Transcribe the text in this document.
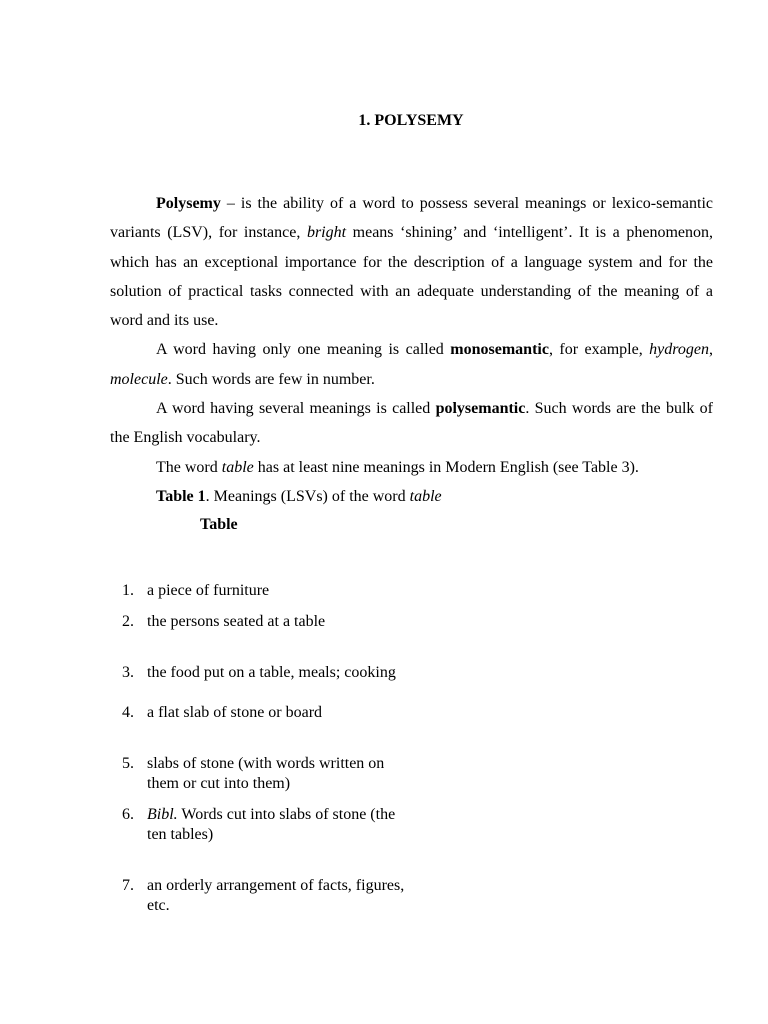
1. POLYSEMY

Polysemy – is the ability of a word to possess several meanings or lexico-semantic variants (LSV), for instance, bright means ‘shining’ and ‘intelligent’. It is a phenomenon, which has an exceptional importance for the description of a language system and for the solution of practical tasks connected with an adequate understanding of the meaning of a word and its use.

A word having only one meaning is called monosemantic, for example, hydrogen, molecule. Such words are few in number.

A word having several meanings is called polysemantic. Such words are the bulk of the English vocabulary.

The word table has at least nine meanings in Modern English (see Table 3).

Table 1. Meanings (LSVs) of the word table

Table
1. a piece of furniture
2. the persons seated at a table
3. the food put on a table, meals; cooking
4. a flat slab of stone or board
5. slabs of stone (with words written on them or cut into them)
6. Bibl. Words cut into slabs of stone (the ten tables)
7. an orderly arrangement of facts, figures, etc.
